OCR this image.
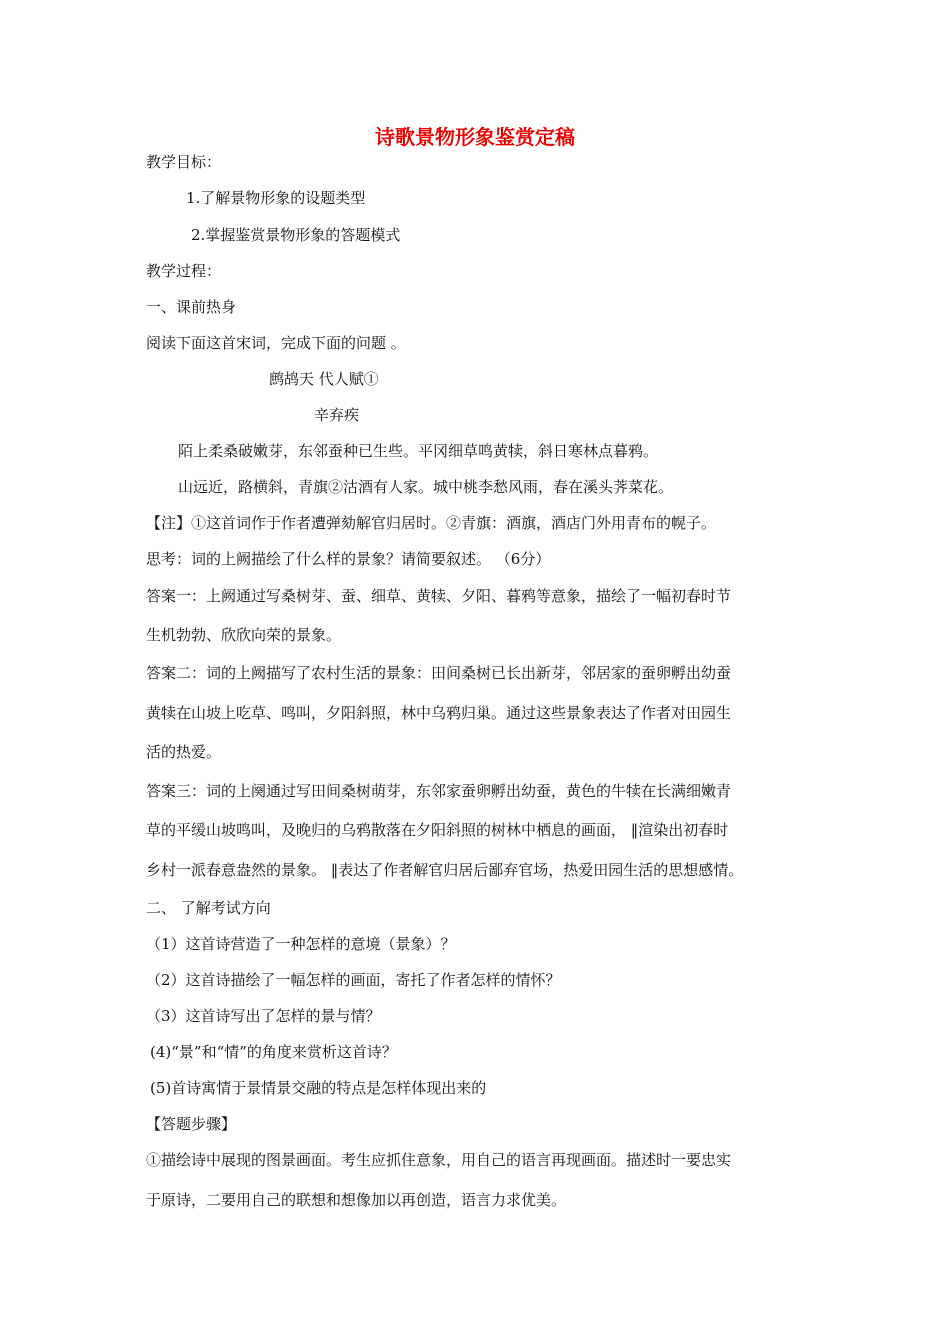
诗歌景物形象鉴赏定稿
教学目标：
1.了解景物形象的设题类型
2.掌握鉴赏景物形象的答题模式
教学过程：
一、课前热身
阅读下面这首宋词，完成下面的问题 。
鹧鸪天 代人赋①
辛弃疾
陌上柔桑破嫩芽，东邻蚕种已生些。平冈细草鸣黄犊，斜日寒林点暮鸦。
山远近，路横斜，青旗②沽酒有人家。城中桃李愁风雨，春在溪头荠菜花。
【注】①这首词作于作者遭弹劾解官归居时。②青旗：酒旗，酒店门外用青布的幌子。
思考：词的上阙描绘了什么样的景象？请简要叙述。 （6分）
答案一：上阙通过写桑树芽、蚕、细草、黄犊、夕阳、暮鸦等意象，描绘了一幅初春时节
生机勃勃、欣欣向荣的景象。
答案二：词的上阙描写了农村生活的景象：田间桑树已长出新芽，邻居家的蚕卵孵出幼蚕
黄犊在山坡上吃草、鸣叫，夕阳斜照，林中乌鸦归巢。通过这些景象表达了作者对田园生
活的热爱。
答案三：词的上阕通过写田间桑树萌芽，东邻家蚕卵孵出幼蚕，黄色的牛犊在长满细嫩青
草的平缓山坡鸣叫，及晚归的乌鸦散落在夕阳斜照的树林中栖息的画面， ‖渲染出初春时
乡村一派春意盎然的景象。 ‖表达了作者解官归居后鄙弃官场，热爱田园生活的思想感情。
二、 了解考试方向
（1）这首诗营造了一种怎样的意境（景象）？
（2）这首诗描绘了一幅怎样的画面，寄托了作者怎样的情怀？
（3）这首诗写出了怎样的景与情？
(4)“景”和“情”的角度来赏析这首诗？
(5)首诗寓情于景情景交融的特点是怎样体现出来的
【答题步骤】
①描绘诗中展现的图景画面。考生应抓住意象，用自己的语言再现画面。描述时一要忠实
于原诗，二要用自己的联想和想像加以再创造，语言力求优美。
